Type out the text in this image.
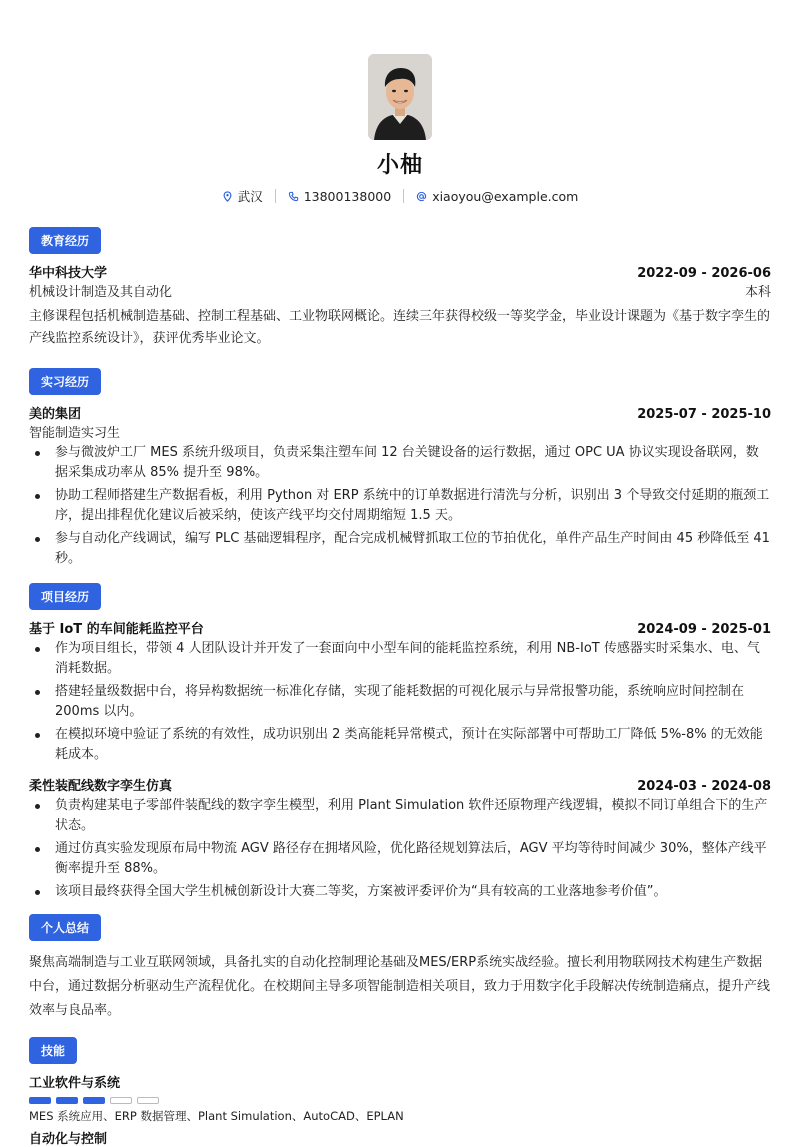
小柚
武汉	13800138000	xiaoyou@example.com
教育经历
华中科技大学	2022-09 - 2026-06
机械设计制造及其自动化	本科
主修课程包括机械制造基础、控制工程基础、工业物联网概论。连续三年获得校级一等奖学金，毕业设计课题为《基于数字孪生的产线监控系统设计》，获评优秀毕业论文。
实习经历
美的集团	2025-07 - 2025-10
智能制造实习生
参与微波炉工厂 MES 系统升级项目，负责采集注塑车间 12 台关键设备的运行数据，通过 OPC UA 协议实现设备联网，数据采集成功率从 85% 提升至 98%。
协助工程师搭建生产数据看板，利用 Python 对 ERP 系统中的订单数据进行清洗与分析，识别出 3 个导致交付延期的瓶颈工序，提出排程优化建议后被采纳，使该产线平均交付周期缩短 1.5 天。
参与自动化产线调试，编写 PLC 基础逻辑程序，配合完成机械臂抓取工位的节拍优化，单件产品生产时间由 45 秒降低至 41 秒。
项目经历
基于 IoT 的车间能耗监控平台	2024-09 - 2025-01
作为项目组长，带领 4 人团队设计并开发了一套面向中小型车间的能耗监控系统，利用 NB-IoT 传感器实时采集水、电、气消耗数据。
搭建轻量级数据中台，将异构数据统一标准化存储，实现了能耗数据的可视化展示与异常报警功能，系统响应时间控制在 200ms 以内。
在模拟环境中验证了系统的有效性，成功识别出 2 类高能耗异常模式，预计在实际部署中可帮助工厂降低 5%-8% 的无效能耗成本。
柔性装配线数字孪生仿真	2024-03 - 2024-08
负责构建某电子零部件装配线的数字孪生模型，利用 Plant Simulation 软件还原物理产线逻辑，模拟不同订单组合下的生产状态。
通过仿真实验发现原布局中物流 AGV 路径存在拥堵风险，优化路径规划算法后，AGV 平均等待时间减少 30%，整体产线平衡率提升至 88%。
该项目最终获得全国大学生机械创新设计大赛二等奖，方案被评委评价为“具有较高的工业落地参考价值”。
个人总结
聚焦高端制造与工业互联网领域，具备扎实的自动化控制理论基础及MES/ERP系统实战经验。擅长利用物联网技术构建生产数据中台，通过数据分析驱动生产流程优化。在校期间主导多项智能制造相关项目，致力于用数字化手段解决传统制造痛点，提升产线效率与良品率。
技能
工业软件与系统
MES 系统应用、ERP 数据管理、Plant Simulation、AutoCAD、EPLAN
自动化与控制
